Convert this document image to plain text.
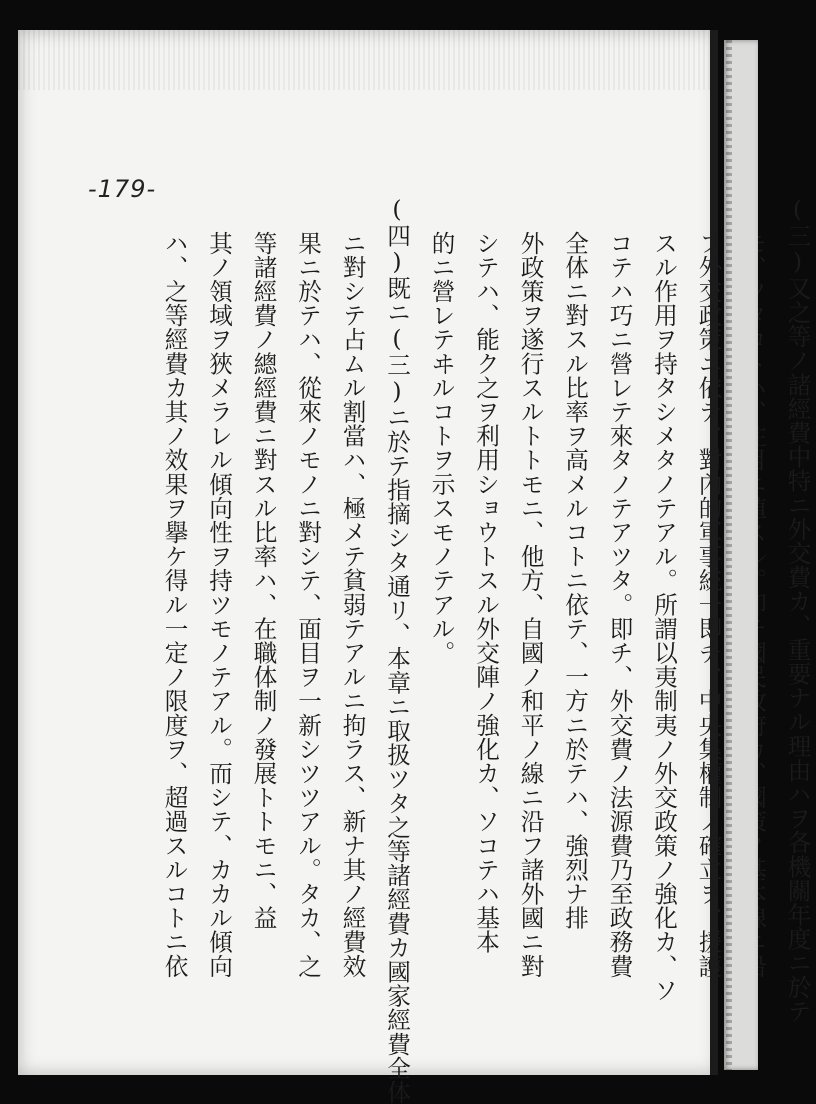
-179-
(三)又之等ノ諸經費中特ニ外交費カ、重要ナル理由ハヲ各機關年度ニ於テ
フ外交政策ニ依テ、對內的軍事統一即チ、中央集權制ノ確立ヲ、援護
スル作用ヲ持タシメタノテアル。所謂以夷制夷ノ外交政策ノ強化カ、ソ
コテハ巧ニ營レテ來タノテアツタ。即チ、外交費ノ法源費乃至政務費
全体ニ對スル比率ヲ高メルコトニ依テ、一方ニ於テハ、強烈ナ排
外政策ヲ遂行スルトトモニ、他方、自國ノ和平ノ線ニ沿フ諸外國ニ對
シテハ、能ク之ヲ利用ショウトスル外交陣ノ強化カ、ソコテハ基本
的ニ營レテヰルコトヲ示スモノテアル。
(四)既ニ(三)ニ於テ指摘シタ通リ、本章ニ取扱ツタ之等諸經費カ國家經費全体
ニ對シテ占ムル割當ハ、極メテ貧弱テアルニ拘ラス、新ナ其ノ經費效
果ニ於テハ、從來ノモノニ對シテ、面目ヲ一新シツツアル。タカ、之
等諸經費ノ總經費ニ對スル比率ハ、在職体制ノ發展トトモニ、益
其ノ領域ヲ狹メラレル傾向性ヲ持ツモノテアル。而シテ、カカル傾向
ハ、之等經費カ其ノ效果ヲ擧ケ得ル一定ノ限度ヲ、超過スルコトニ依
